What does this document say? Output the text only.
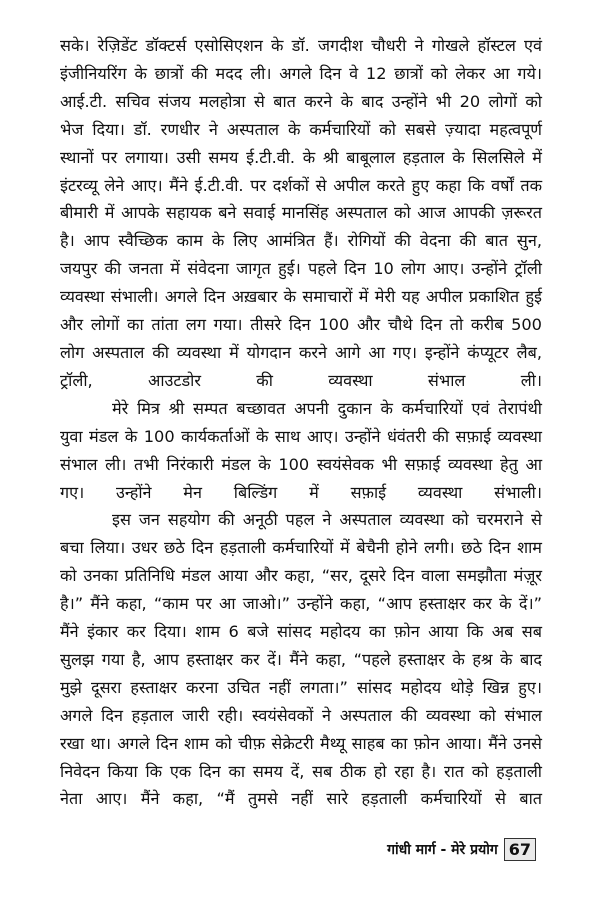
सके। रेज़िडेंट डॉक्टर्स एसोसिएशन के डॉ. जगदीश चौधरी ने गोखले हॉस्टल एवं इंजीनियरिंग के छात्रों की मदद ली। अगले दिन वे 12 छात्रों को लेकर आ गये। आई.टी. सचिव संजय मलहोत्रा से बात करने के बाद उन्होंने भी 20 लोगों को भेज दिया। डॉ. रणधीर ने अस्पताल के कर्मचारियों को सबसे ज़्यादा महत्वपूर्ण स्थानों पर लगाया। उसी समय ई.टी.वी. के श्री बाबूलाल हड़ताल के सिलसिले में इंटरव्यू लेने आए। मैंने ई.टी.वी. पर दर्शकों से अपील करते हुए कहा कि वर्षों तक बीमारी में आपके सहायक बने सवाई मानसिंह अस्पताल को आज आपकी ज़रूरत है। आप स्वैच्छिक काम के लिए आमंत्रित हैं। रोगियों की वेदना की बात सुन, जयपुर की जनता में संवेदना जागृत हुई। पहले दिन 10 लोग आए। उन्होंने ट्रॉली व्यवस्था संभाली। अगले दिन अख़बार के समाचारों में मेरी यह अपील प्रकाशित हुई और लोगों का तांता लग गया। तीसरे दिन 100 और चौथे दिन तो करीब 500 लोग अस्पताल की व्यवस्था में योगदान करने आगे आ गए। इन्होंने कंप्यूटर लैब, ट्रॉली, आउटडोर की व्यवस्था संभाल ली।

मेरे मित्र श्री सम्पत बच्छावत अपनी दुकान के कर्मचारियों एवं तेरापंथी युवा मंडल के 100 कार्यकर्ताओं के साथ आए। उन्होंने धंवंतरी की सफ़ाई व्यवस्था संभाल ली। तभी निरंकारी मंडल के 100 स्वयंसेवक भी सफ़ाई व्यवस्था हेतु आ गए। उन्होंने मेन बिल्डिंग में सफ़ाई व्यवस्था संभाली।

इस जन सहयोग की अनूठी पहल ने अस्पताल व्यवस्था को चरमराने से बचा लिया। उधर छठे दिन हड़ताली कर्मचारियों में बेचैनी होने लगी। छठे दिन शाम को उनका प्रतिनिधि मंडल आया और कहा, “सर, दूसरे दिन वाला समझौता मंज़ूर है।” मैंने कहा, “काम पर आ जाओ।” उन्होंने कहा, “आप हस्ताक्षर कर के दें।” मैंने इंकार कर दिया। शाम 6 बजे सांसद महोदय का फ़ोन आया कि अब सब सुलझ गया है, आप हस्ताक्षर कर दें। मैंने कहा, “पहले हस्ताक्षर के हश्र के बाद मुझे दूसरा हस्ताक्षर करना उचित नहीं लगता।” सांसद महोदय थोड़े खिन्न हुए। अगले दिन हड़ताल जारी रही। स्वयंसेवकों ने अस्पताल की व्यवस्था को संभाल रखा था। अगले दिन शाम को चीफ़ सेक्रेटरी मैथ्यू साहब का फ़ोन आया। मैंने उनसे निवेदन किया कि एक दिन का समय दें, सब ठीक हो रहा है। रात को हड़ताली नेता आए। मैंने कहा, “मैं तुमसे नहीं सारे हड़ताली कर्मचारियों से बात

गांधी मार्ग - मेरे प्रयोग 67
